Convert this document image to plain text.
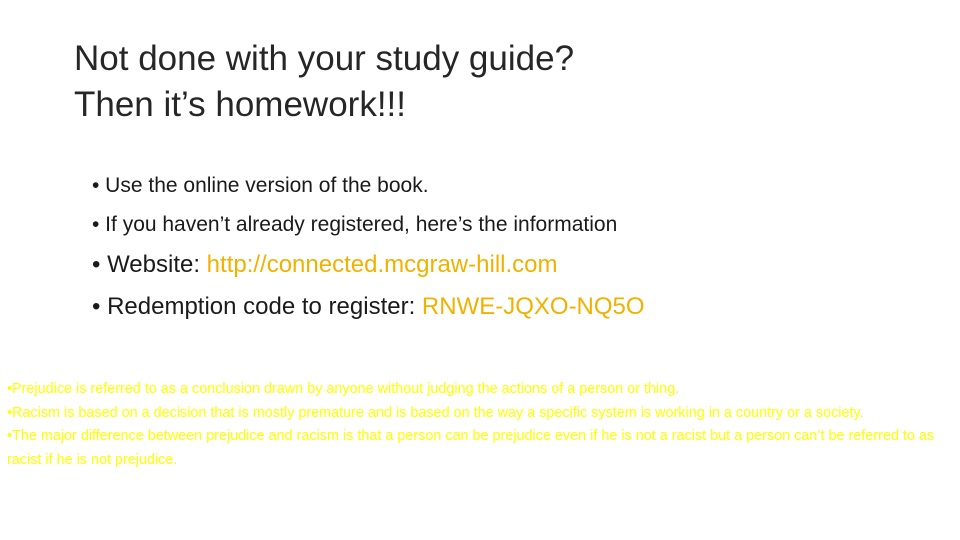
Not done with your study guide?
Then it’s homework!!!
• Use the online version of the book.
• If you haven’t already registered, here’s the information
• Website: http://connected.mcgraw-hill.com
• Redemption code to register: RNWE-JQXO-NQ5O
•Prejudice is referred to as a conclusion drawn by anyone without judging the actions of a person or thing.
•Racism is based on a decision that is mostly premature and is based on the way a specific system is working in a country or a society.
•The major difference between prejudice and racism is that a person can be prejudice even if he is not a racist but a person can’t be referred to as racist if he is not prejudice.
